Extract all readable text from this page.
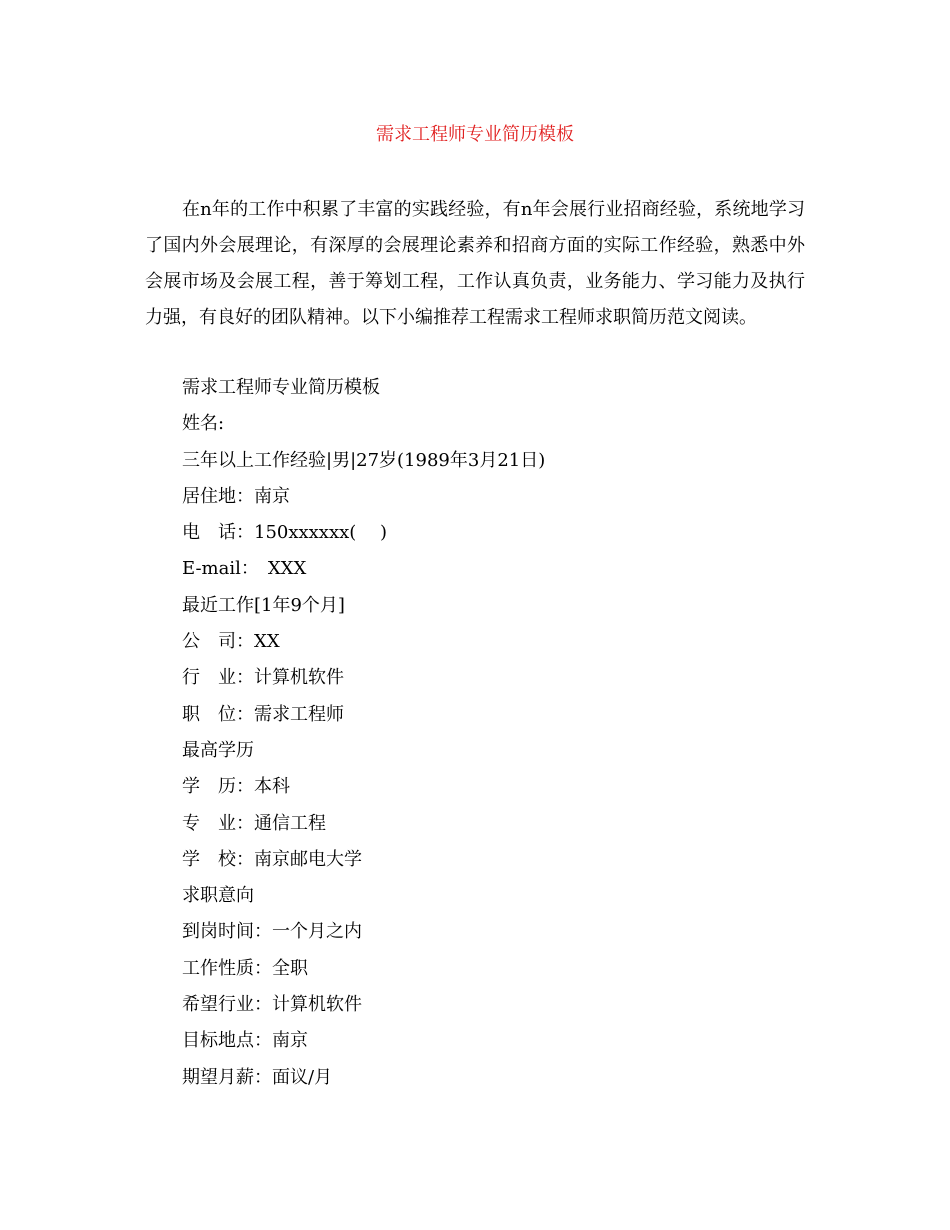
需求工程师专业简历模板

在n年的工作中积累了丰富的实践经验，有n年会展行业招商经验，系统地学习了国内外会展理论，有深厚的会展理论素养和招商方面的实际工作经验，熟悉中外会展市场及会展工程，善于筹划工程，工作认真负责，业务能力、学习能力及执行力强，有良好的团队精神。以下小编推荐工程需求工程师求职简历范文阅读。

需求工程师专业简历模板
姓名:
三年以上工作经验|男|27岁(1989年3月21日)
居住地：南京
电　话：150xxxxxx(　 )
E-mail：　XXX
最近工作[1年9个月]
公　司：XX
行　业：计算机软件
职　位：需求工程师
最高学历
学　历：本科
专　业：通信工程
学　校：南京邮电大学
求职意向
到岗时间：一个月之内
工作性质：全职
希望行业：计算机软件
目标地点：南京
期望月薪：面议/月
